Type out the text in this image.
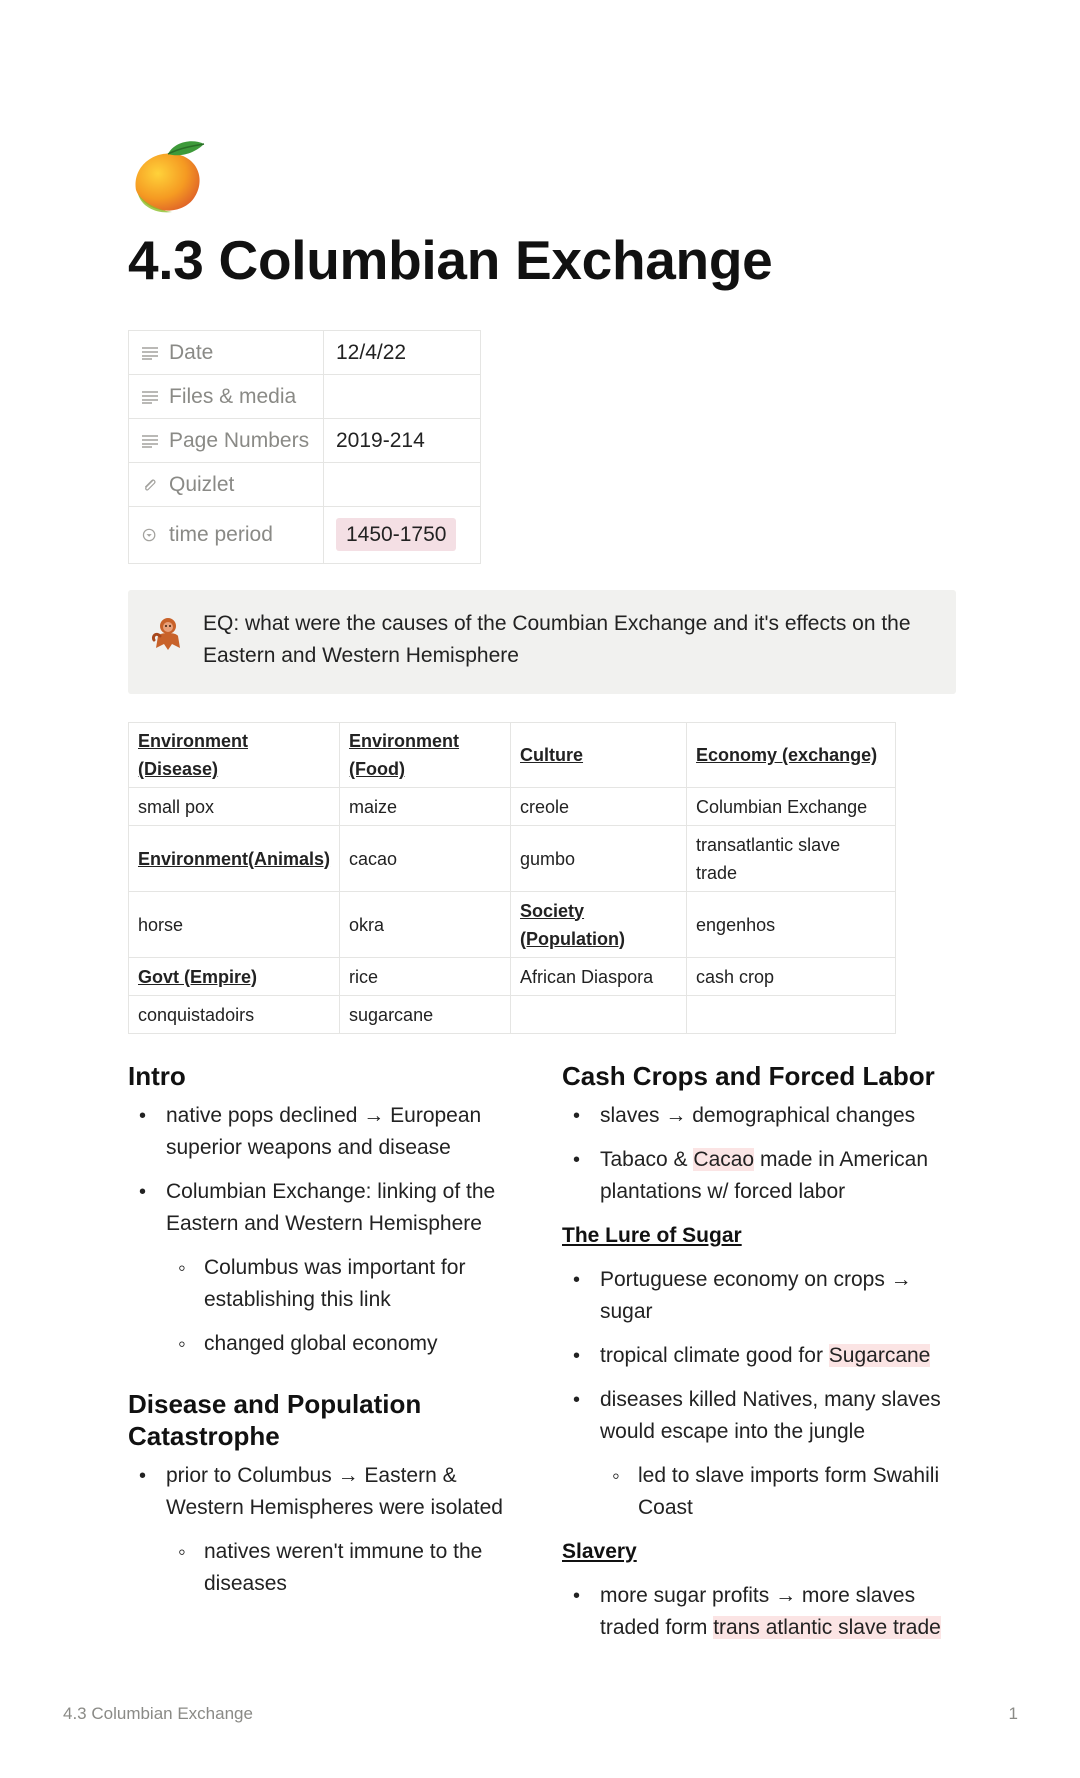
4.3 Columbian Exchange
Date	12/4/22
Files & media	
Page Numbers	2019-214
Quizlet	
time period	1450-1750
EQ: what were the causes of the Coumbian Exchange and it's effects on the Eastern and Western Hemisphere
Environment (Disease)	Environment (Food)	Culture	Economy (exchange)
small pox	maize	creole	Columbian Exchange
Environment(Animals)	cacao	gumbo	transatlantic slave trade
horse	okra	Society (Population)	engenhos
Govt (Empire)	rice	African Diaspora	cash crop
conquistadoirs	sugarcane		
Intro
• native pops declined → European superior weapons and disease
• Columbian Exchange: linking of the Eastern and Western Hemisphere
◦ Columbus was important for establishing this link
◦ changed global economy
Disease and Population Catastrophe
• prior to Columbus → Eastern & Western Hemispheres were isolated
◦ natives weren't immune to the diseases
Cash Crops and Forced Labor
• slaves → demographical changes
• Tabaco & Cacao made in American plantations w/ forced labor
The Lure of Sugar
• Portuguese economy on crops → sugar
• tropical climate good for Sugarcane
• diseases killed Natives, many slaves would escape into the jungle
◦ led to slave imports form Swahili Coast
Slavery
• more sugar profits → more slaves traded form trans atlantic slave trade
4.3 Columbian Exchange	1
